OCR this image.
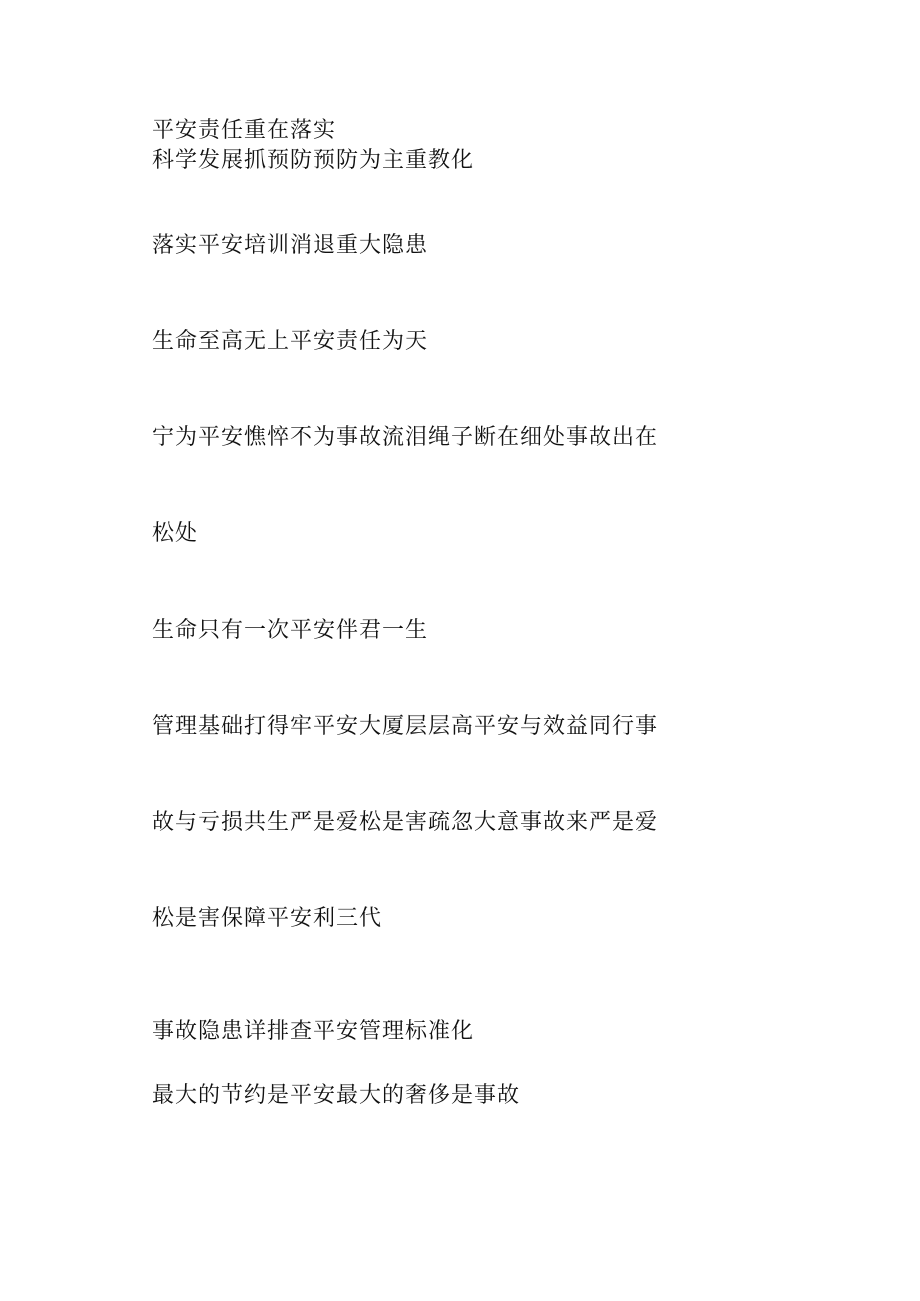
平安责任重在落实
科学发展抓预防预防为主重教化
落实平安培训消退重大隐患
生命至高无上平安责任为天
宁为平安憔悴不为事故流泪绳子断在细处事故出在
松处
生命只有一次平安伴君一生
管理基础打得牢平安大厦层层高平安与效益同行事
故与亏损共生严是爱松是害疏忽大意事故来严是爱
松是害保障平安利三代
事故隐患详排查平安管理标准化
最大的节约是平安最大的奢侈是事故
